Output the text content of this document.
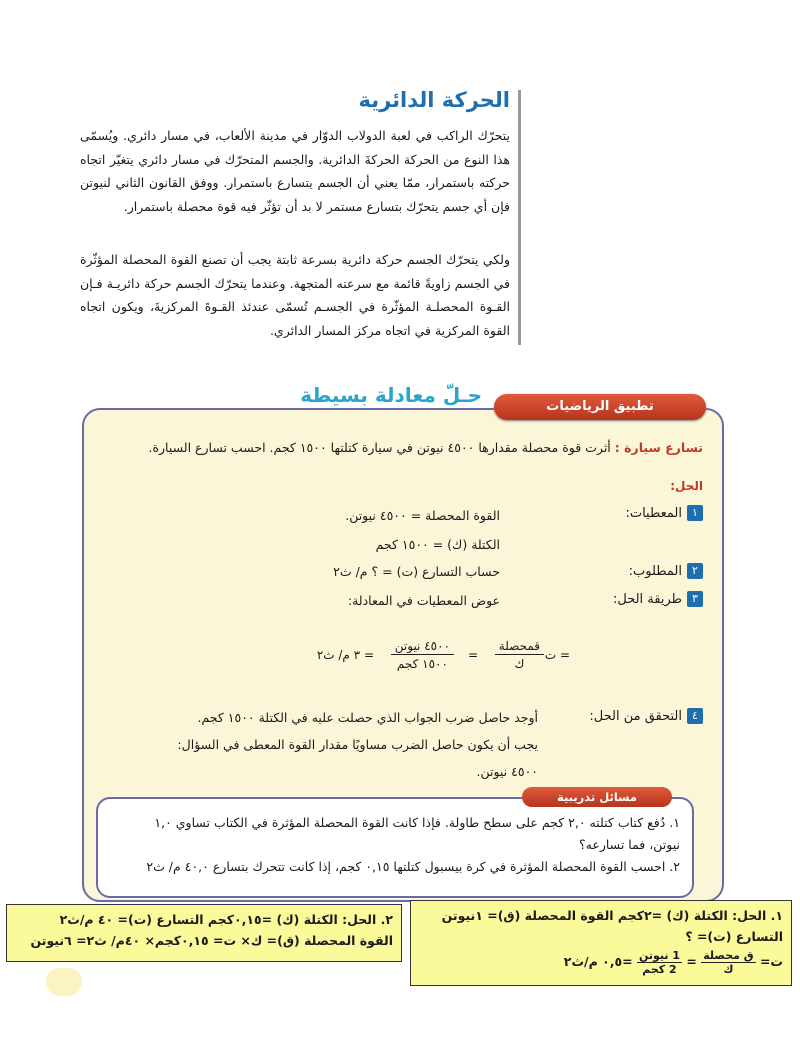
الحركة الدائرية
يتحرّك الراكب في لعبة الدولاب الدوّار في مدينة الألعاب، في مسار دائري. ويُسمّى هذا النوع من الحركة الحركةَ الدائرية. والجسم المتحرّك في مسار دائري يتغيّر اتجاه حركته باستمرار، ممّا يعني أن الجسم يتسارع باستمرار. ووفق القانون الثاني لنيوتن فإن أي جسم يتحرّك بتسارع مستمر لا بد أن تؤثّر فيه قوة محصلة باستمرار.
ولكي يتحرّك الجسم حركة دائرية بسرعة ثابتة يجب أن تصنع القوة المحصلة المؤثّرة في الجسم زاويةً قائمة مع سرعته المتجهة. وعندما يتحرّك الجسم حركة دائريـة فـإن القـوة المحصلـة المؤثّرة في الجسـم تُسمّى عندئذ القـوةَ المركزيةَ، ويكون اتجاه القوة المركزية في اتجاه مركز المسار الدائري.
حـلّ معادلة بسيطة	تطبيق الرياضيات
تسارع سيارة : أثرت قوة محصلة مقدارها ٤٥٠٠ نيوتن في سيارة كتلتها ١٥٠٠ كجم. احسب تسارع السيارة.
الحل:
١
المعطيات:
القوة المحصلة = ٤٥٠٠ نيوتن.
الكتلة (ك) = ١٥٠٠ كجم
٢
المطلوب:
حساب التسارع (ت) = ؟ م/ ث٢
٣
طريقة الحل:
عوض المعطيات في المعادلة:
ت =
قمحصلة
ك
=
٤٥٠٠ نيوتن
١٥٠٠ كجم
= ٣ م/ ث٢
٤
التحقق من الحل:
أوجد حاصل ضرب الجواب الذي حصلت عليه في الكتلة ١٥٠٠ كجم.
يجب أن يكون حاصل الضرب مساويًا مقدار القوة المعطى في السؤال:
٤٥٠٠ نيوتن.
مسائل تدريبية
١. دُفع كتاب كتلته ٢,٠ كجم على سطح طاولة. فإذا كانت القوة المحصلة المؤثرة في الكتاب تساوي ١,٠ نيوتن، فما تسارعه؟
٢. احسب القوة المحصلة المؤثرة في كرة بيسبول كتلتها ٠,١٥ كجم، إذا كانت تتحرك بتسارع ٤٠,٠ م/ ث٢
١. الحل: الكتلة (ك) =٢كجم القوة المحصلة (ق)= ١نيوتن
التسارع (ت)= ؟
ت=
$\frac{\text{ق محصلة}}{\text{ك}}$
=
$\frac{\text{1 نيوتن}}{\text{2 كجم}}$
=٠,٥ م/ث٢
٢. الحل: الكتلة (ك) =٠,١٥كجم التسارع (ت)= ٤٠ م/ث٢
القوة المحصلة (ق)= ك× ت= ٠,١٥كجم× ٤٠م/ ث٢= ٦نيوتن
